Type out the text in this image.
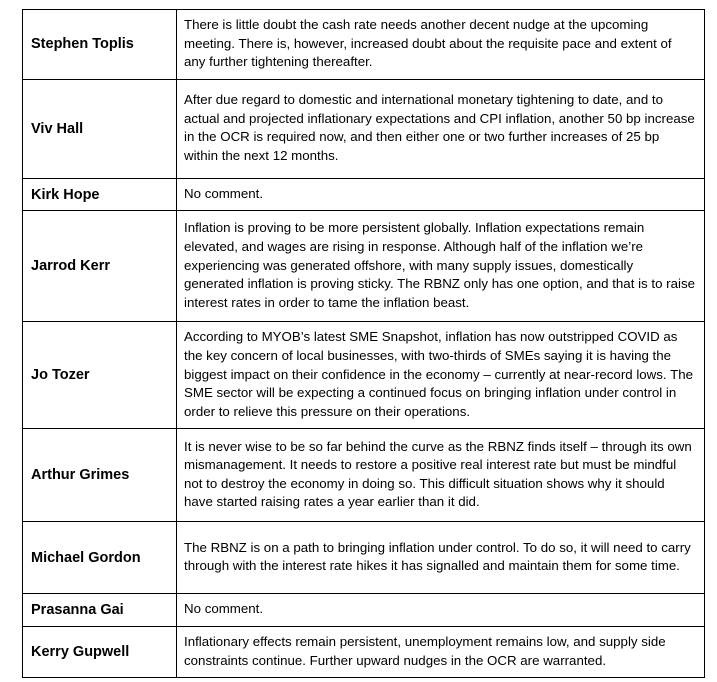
Stephen Toplis	There is little doubt the cash rate needs another decent nudge at the upcoming meeting. There is, however, increased doubt about the requisite pace and extent of any further tightening thereafter.
Viv Hall	After due regard to domestic and international monetary tightening to date, and to actual and projected inflationary expectations and CPI inflation, another 50 bp increase in the OCR is required now, and then either one or two further increases of 25 bp within the next 12 months.
Kirk Hope	No comment.
Jarrod Kerr	Inflation is proving to be more persistent globally. Inflation expectations remain elevated, and wages are rising in response. Although half of the inflation we’re experiencing was generated offshore, with many supply issues, domestically generated inflation is proving sticky. The RBNZ only has one option, and that is to raise interest rates in order to tame the inflation beast.
Jo Tozer	According to MYOB’s latest SME Snapshot, inflation has now outstripped COVID as the key concern of local businesses, with two-thirds of SMEs saying it is having the biggest impact on their confidence in the economy – currently at near-record lows. The SME sector will be expecting a continued focus on bringing inflation under control in order to relieve this pressure on their operations.
Arthur Grimes	It is never wise to be so far behind the curve as the RBNZ finds itself – through its own mismanagement. It needs to restore a positive real interest rate but must be mindful not to destroy the economy in doing so. This difficult situation shows why it should have started raising rates a year earlier than it did.
Michael Gordon	The RBNZ is on a path to bringing inflation under control. To do so, it will need to carry through with the interest rate hikes it has signalled and maintain them for some time.
Prasanna Gai	No comment.
Kerry Gupwell	Inflationary effects remain persistent, unemployment remains low, and supply side constraints continue. Further upward nudges in the OCR are warranted.
